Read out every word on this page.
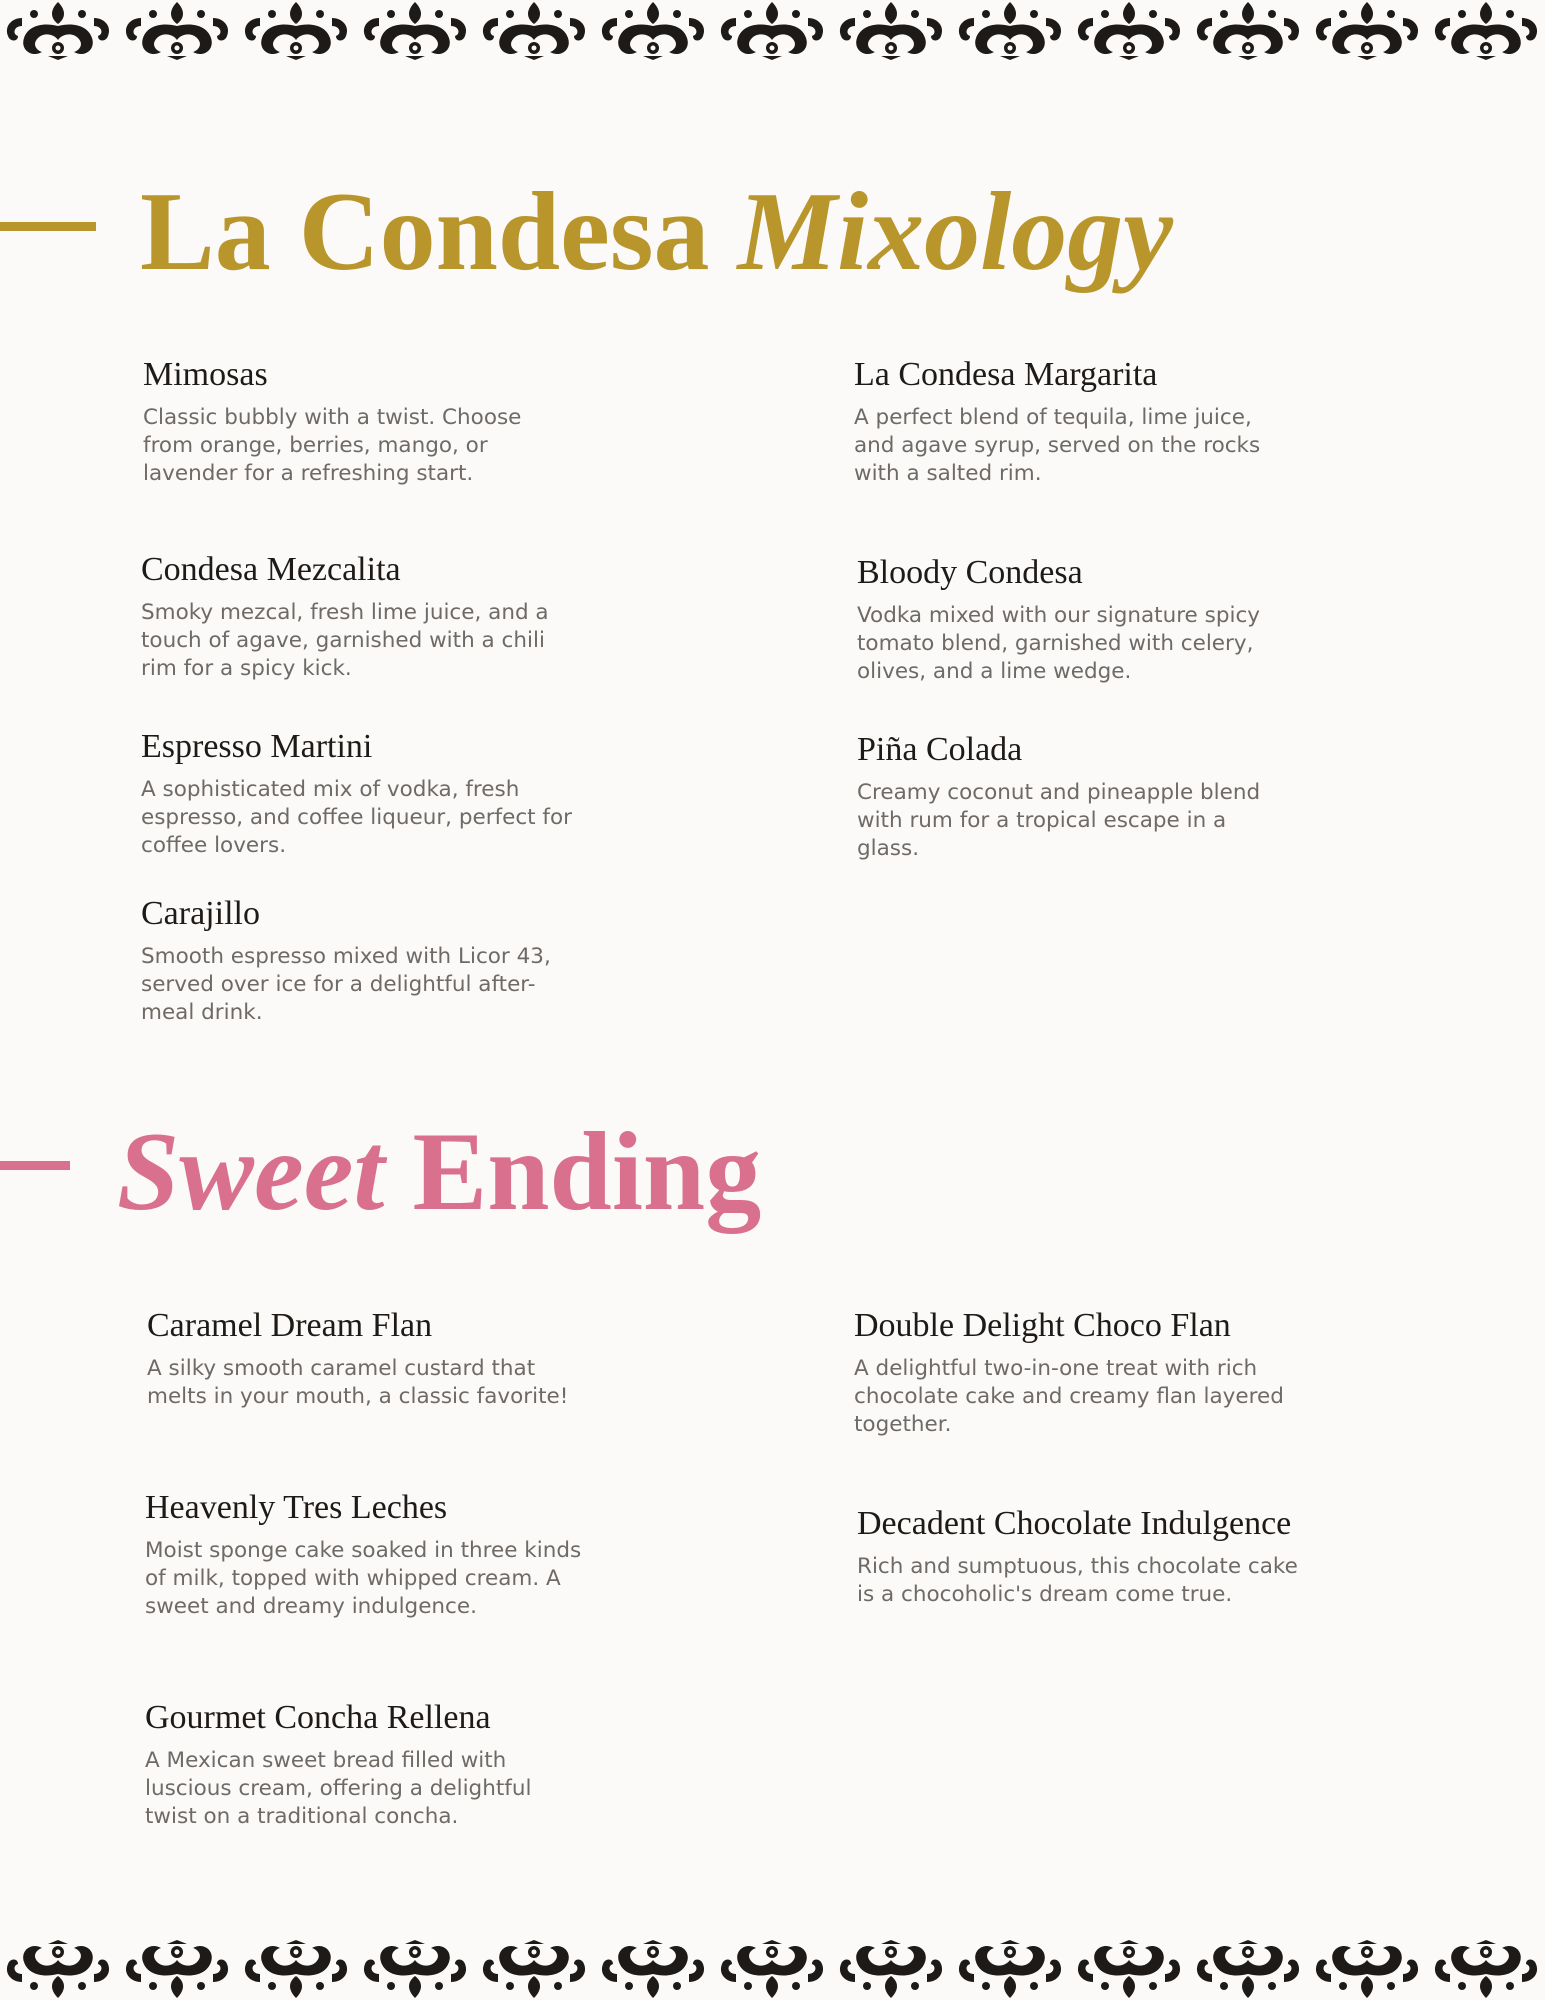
La Condesa Mixology
Mimosas

Classic bubbly with a twist. Choose from orange, berries, mango, or lavender for a refreshing start.

La Condesa Margarita

A perfect blend of tequila, lime juice, and agave syrup, served on the rocks with a salted rim.

Condesa Mezcalita

Smoky mezcal, fresh lime juice, and a touch of agave, garnished with a chili rim for a spicy kick.

Bloody Condesa

Vodka mixed with our signature spicy tomato blend, garnished with celery, olives, and a lime wedge.

Espresso Martini

A sophisticated mix of vodka, fresh espresso, and coffee liqueur, perfect for coffee lovers.

Piña Colada

Creamy coconut and pineapple blend with rum for a tropical escape in a glass.

Carajillo

Smooth espresso mixed with Licor 43, served over ice for a delightful after-meal drink.

Sweet Ending
Caramel Dream Flan

A silky smooth caramel custard that melts in your mouth, a classic favorite!

Double Delight Choco Flan

A delightful two-in-one treat with rich chocolate cake and creamy flan layered together.

Heavenly Tres Leches

Moist sponge cake soaked in three kinds of milk, topped with whipped cream. A sweet and dreamy indulgence.

Decadent Chocolate Indulgence

Rich and sumptuous, this chocolate cake is a chocoholic's dream come true.

Gourmet Concha Rellena

A Mexican sweet bread filled with luscious cream, offering a delightful twist on a traditional concha.
